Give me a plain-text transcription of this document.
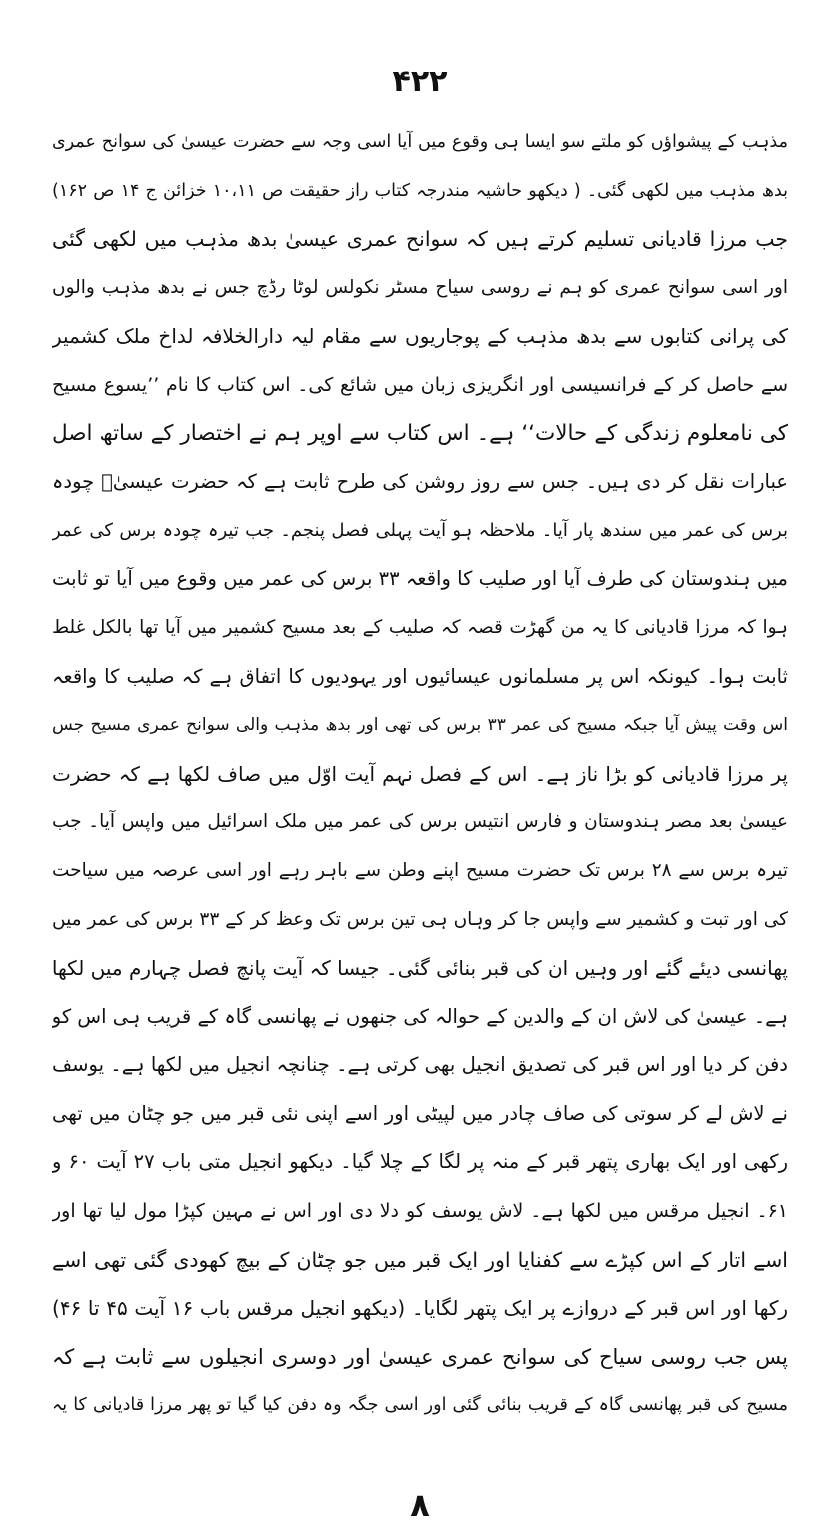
۴۲۲
مذہب کے پیشواؤں کو ملتے سو ایسا ہی وقوع میں آیا اسی وجہ سے حضرت عیسیٰ کی سوانح عمری
بدھ مذہب میں لکھی گئی۔ ( دیکھو حاشیہ مندرجہ کتاب راز حقیقت ص ۱۰،۱۱ خزائن ج ۱۴ ص ۱۶۲)
جب مرزا قادیانی تسلیم کرتے ہیں کہ سوانح عمری عیسیٰ بدھ مذہب میں لکھی گئی
اور اسی سوانح عمری کو ہم نے روسی سیاح مسٹر نکولس لوٹا رڈچ جس نے بدھ مذہب والوں
کی پرانی کتابوں سے بدھ مذہب کے پوجاریوں سے مقام لیہ دارالخلافہ لداخ ملک کشمیر
سے حاصل کر کے فرانسیسی اور انگریزی زبان میں شائع کی۔ اس کتاب کا نام ’’یسوع مسیح
کی نامعلوم زندگی کے حالات‘‘ ہے۔ اس کتاب سے اوپر ہم نے اختصار کے ساتھ اصل
عبارات نقل کر دی ہیں۔ جس سے روز روشن کی طرح ثابت ہے کہ حضرت عیسیٰؑ چودہ
برس کی عمر میں سندھ پار آیا۔ ملاحظہ ہو آیت پہلی فصل پنجم۔ جب تیرہ چودہ برس کی عمر
میں ہندوستان کی طرف آیا اور صلیب کا واقعہ ۳۳ برس کی عمر میں وقوع میں آیا تو ثابت
ہوا کہ مرزا قادیانی کا یہ من گھڑت قصہ کہ صلیب کے بعد مسیح کشمیر میں آیا تھا بالکل غلط
ثابت ہوا۔ کیونکہ اس پر مسلمانوں عیسائیوں اور یہودیوں کا اتفاق ہے کہ صلیب کا واقعہ
اس وقت پیش آیا جبکہ مسیح کی عمر ۳۳ برس کی تھی اور بدھ مذہب والی سوانح عمری مسیح جس
پر مرزا قادیانی کو بڑا ناز ہے۔ اس کے فصل نہم آیت اوّل میں صاف لکھا ہے کہ حضرت
عیسیٰ بعد مصر ہندوستان و فارس انتیس برس کی عمر میں ملک اسرائیل میں واپس آیا۔ جب
تیرہ برس سے ۲۸ برس تک حضرت مسیح اپنے وطن سے باہر رہے اور اسی عرصہ میں سیاحت
کی اور تبت و کشمیر سے واپس جا کر وہاں ہی تین برس تک وعظ کر کے ۳۳ برس کی عمر میں
پھانسی دیئے گئے اور وہیں ان کی قبر بنائی گئی۔ جیسا کہ آیت پانچ فصل چہارم میں لکھا
ہے۔ عیسیٰ کی لاش ان کے والدین کے حوالہ کی جنھوں نے پھانسی گاہ کے قریب ہی اس کو
دفن کر دیا اور اس قبر کی تصدیق انجیل بھی کرتی ہے۔ چنانچہ انجیل میں لکھا ہے۔ یوسف
نے لاش لے کر سوتی کی صاف چادر میں لپیٹی اور اسے اپنی نئی قبر میں جو چٹان میں تھی
رکھی اور ایک بھاری پتھر قبر کے منہ پر لگا کے چلا گیا۔ دیکھو انجیل متی باب ۲۷ آیت ۶۰ و
۶۱۔ انجیل مرقس میں لکھا ہے۔ لاش یوسف کو دلا دی اور اس نے مہین کپڑا مول لیا تھا اور
اسے اتار کے اس کپڑے سے کفنایا اور ایک قبر میں جو چٹان کے بیچ کھودی گئی تھی اسے
رکھا اور اس قبر کے دروازے پر ایک پتھر لگایا۔ (دیکھو انجیل مرقس باب ۱۶ آیت ۴۵ تا ۴۶)
پس جب روسی سیاح کی سوانح عمری عیسیٰ اور دوسری انجیلوں سے ثابت ہے کہ
مسیح کی قبر پھانسی گاہ کے قریب بنائی گئی اور اسی جگہ وہ دفن کیا گیا تو پھر مرزا قادیانی کا یہ
۸
